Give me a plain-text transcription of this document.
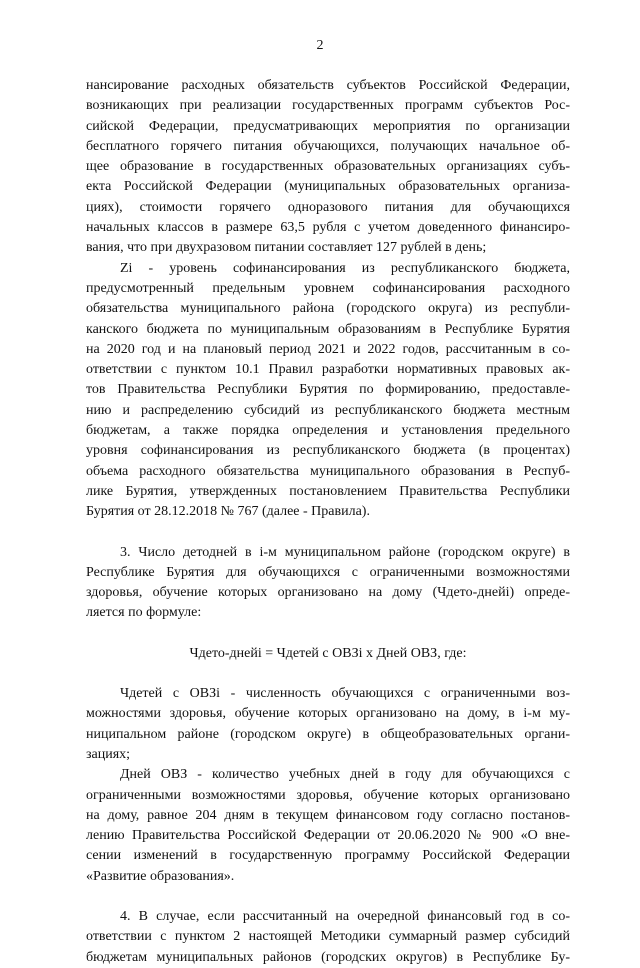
2
нансирование расходных обязательств субъектов Российской Федерации,
возникающих при реализации государственных программ субъектов Рос-
сийской Федерации, предусматривающих мероприятия по организации
бесплатного горячего питания обучающихся, получающих начальное об-
щее образование в государственных образовательных организациях субъ-
екта Российской Федерации (муниципальных образовательных организа-
циях), стоимости горячего одноразового питания для обучающихся
начальных классов в размере 63,5 рубля с учетом доведенного финансиро-
вания, что при двухразовом питании составляет 127 рублей в день;
Zi - уровень софинансирования из республиканского бюджета,
предусмотренный предельным уровнем софинансирования расходного
обязательства муниципального района (городского округа) из республи-
канского бюджета по муниципальным образованиям в Республике Бурятия
на 2020 год и на плановый период 2021 и 2022 годов, рассчитанным в со-
ответствии с пунктом 10.1 Правил разработки нормативных правовых ак-
тов Правительства Республики Бурятия по формированию, предоставле-
нию и распределению субсидий из республиканского бюджета местным
бюджетам, а также порядка определения и установления предельного
уровня софинансирования из республиканского бюджета (в процентах)
объема расходного обязательства муниципального образования в Респуб-
лике Бурятия, утвержденных постановлением Правительства Республики
Бурятия от 28.12.2018 № 767 (далее - Правила).
3. Число детодней в i-м муниципальном районе (городском округе) в
Республике Бурятия для обучающихся с ограниченными возможностями
здоровья, обучение которых организовано на дому (Чдето-днейi) опреде-
ляется по формуле:
Чдето-днейi = Чдетей с ОВЗi х Дней ОВЗ, где:
Чдетей с ОВЗi - численность обучающихся с ограниченными воз-
можностями здоровья, обучение которых организовано на дому, в i-м му-
ниципальном районе (городском округе) в общеобразовательных органи-
зациях;
Дней ОВЗ - количество учебных дней в году для обучающихся с
ограниченными возможностями здоровья, обучение которых организовано
на дому, равное 204 дням в текущем финансовом году согласно постанов-
лению Правительства Российской Федерации от 20.06.2020 № 900 «О вне-
сении изменений в государственную программу Российской Федерации
«Развитие образования».
4. В случае, если рассчитанный на очередной финансовый год в со-
ответствии с пунктом 2 настоящей Методики суммарный размер субсидий
бюджетам муниципальных районов (городских округов) в Республике Бу-
